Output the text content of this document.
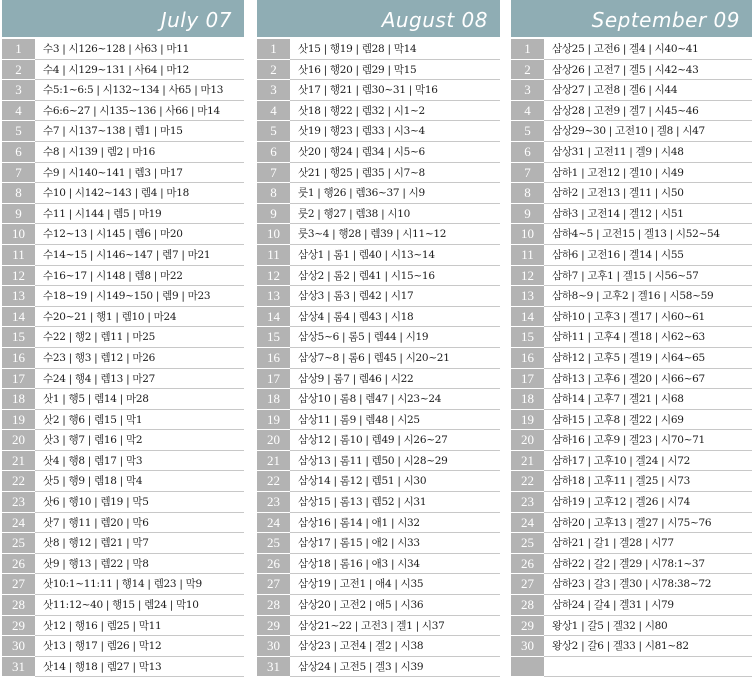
July 07
1	수3 | 시126~128 | 사63 | 마11
2	수4 | 시129~131 | 사64 | 마12
3	수5:1~6:5 | 시132~134 | 사65 | 마13
4	수6:6~27 | 시135~136 | 사66 | 마14
5	수7 | 시137~138 | 렘1 | 마15
6	수8 | 시139 | 렘2 | 마16
7	수9 | 시140~141 | 렘3 | 마17
8	수10 | 시142~143 | 렘4 | 마18
9	수11 | 시144 | 렘5 | 마19
10	수12~13 | 시145 | 렘6 | 마20
11	수14~15 | 시146~147 | 렘7 | 마21
12	수16~17 | 시148 | 렘8 | 마22
13	수18~19 | 시149~150 | 렘9 | 마23
14	수20~21 | 행1 | 렘10 | 마24
15	수22 | 행2 | 렘11 | 마25
16	수23 | 행3 | 렘12 | 마26
17	수24 | 행4 | 렘13 | 마27
18	삿1 | 행5 | 렘14 | 마28
19	삿2 | 행6 | 렘15 | 막1
20	삿3 | 행7 | 렘16 | 막2
21	삿4 | 행8 | 렘17 | 막3
22	삿5 | 행9 | 렘18 | 막4
23	삿6 | 행10 | 렘19 | 막5
24	삿7 | 행11 | 렘20 | 막6
25	삿8 | 행12 | 렘21 | 막7
26	삿9 | 행13 | 렘22 | 막8
27	삿10:1~11:11 | 행14 | 렘23 | 막9
28	삿11:12~40 | 행15 | 렘24 | 막10
29	삿12 | 행16 | 렘25 | 막11
30	삿13 | 행17 | 렘26 | 막12
31	삿14 | 행18 | 렘27 | 막13
August 08
1	삿15 | 행19 | 렘28 | 막14
2	삿16 | 행20 | 렘29 | 막15
3	삿17 | 행21 | 렘30~31 | 막16
4	삿18 | 행22 | 렘32 | 시1~2
5	삿19 | 행23 | 렘33 | 시3~4
6	삿20 | 행24 | 렘34 | 시5~6
7	삿21 | 행25 | 렘35 | 시7~8
8	룻1 | 행26 | 렘36~37 | 시9
9	룻2 | 행27 | 렘38 | 시10
10	룻3~4 | 행28 | 렘39 | 시11~12
11	삼상1 | 롬1 | 렘40 | 시13~14
12	삼상2 | 롬2 | 렘41 | 시15~16
13	삼상3 | 롬3 | 렘42 | 시17
14	삼상4 | 롬4 | 렘43 | 시18
15	삼상5~6 | 롬5 | 렘44 | 시19
16	삼상7~8 | 롬6 | 렘45 | 시20~21
17	삼상9 | 롬7 | 렘46 | 시22
18	삼상10 | 롬8 | 렘47 | 시23~24
19	삼상11 | 롬9 | 렘48 | 시25
20	삼상12 | 롬10 | 렘49 | 시26~27
21	삼상13 | 롬11 | 렘50 | 시28~29
22	삼상14 | 롬12 | 렘51 | 시30
23	삼상15 | 롬13 | 렘52 | 시31
24	삼상16 | 롬14 | 애1 | 시32
25	삼상17 | 롬15 | 애2 | 시33
26	삼상18 | 롬16 | 애3 | 시34
27	삼상19 | 고전1 | 애4 | 시35
28	삼상20 | 고전2 | 애5 | 시36
29	삼상21~22 | 고전3 | 겔1 | 시37
30	삼상23 | 고전4 | 겔2 | 시38
31	삼상24 | 고전5 | 겔3 | 시39
September 09
1	삼상25 | 고전6 | 겔4 | 시40~41
2	삼상26 | 고전7 | 겔5 | 시42~43
3	삼상27 | 고전8 | 겔6 | 시44
4	삼상28 | 고전9 | 겔7 | 시45~46
5	삼상29~30 | 고전10 | 겔8 | 시47
6	삼상31 | 고전11 | 겔9 | 시48
7	삼하1 | 고전12 | 겔10 | 시49
8	삼하2 | 고전13 | 겔11 | 시50
9	삼하3 | 고전14 | 겔12 | 시51
10	삼하4~5 | 고전15 | 겔13 | 시52~54
11	삼하6 | 고전16 | 겔14 | 시55
12	삼하7 | 고후1 | 겔15 | 시56~57
13	삼하8~9 | 고후2 | 겔16 | 시58~59
14	삼하10 | 고후3 | 겔17 | 시60~61
15	삼하11 | 고후4 | 겔18 | 시62~63
16	삼하12 | 고후5 | 겔19 | 시64~65
17	삼하13 | 고후6 | 겔20 | 시66~67
18	삼하14 | 고후7 | 겔21 | 시68
19	삼하15 | 고후8 | 겔22 | 시69
20	삼하16 | 고후9 | 겔23 | 시70~71
21	삼하17 | 고후10 | 겔24 | 시72
22	삼하18 | 고후11 | 겔25 | 시73
23	삼하19 | 고후12 | 겔26 | 시74
24	삼하20 | 고후13 | 겔27 | 시75~76
25	삼하21 | 갈1 | 겔28 | 시77
26	삼하22 | 갈2 | 겔29 | 시78:1~37
27	삼하23 | 갈3 | 겔30 | 시78:38~72
28	삼하24 | 갈4 | 겔31 | 시79
29	왕상1 | 갈5 | 겔32 | 시80
30	왕상2 | 갈6 | 겔33 | 시81~82
